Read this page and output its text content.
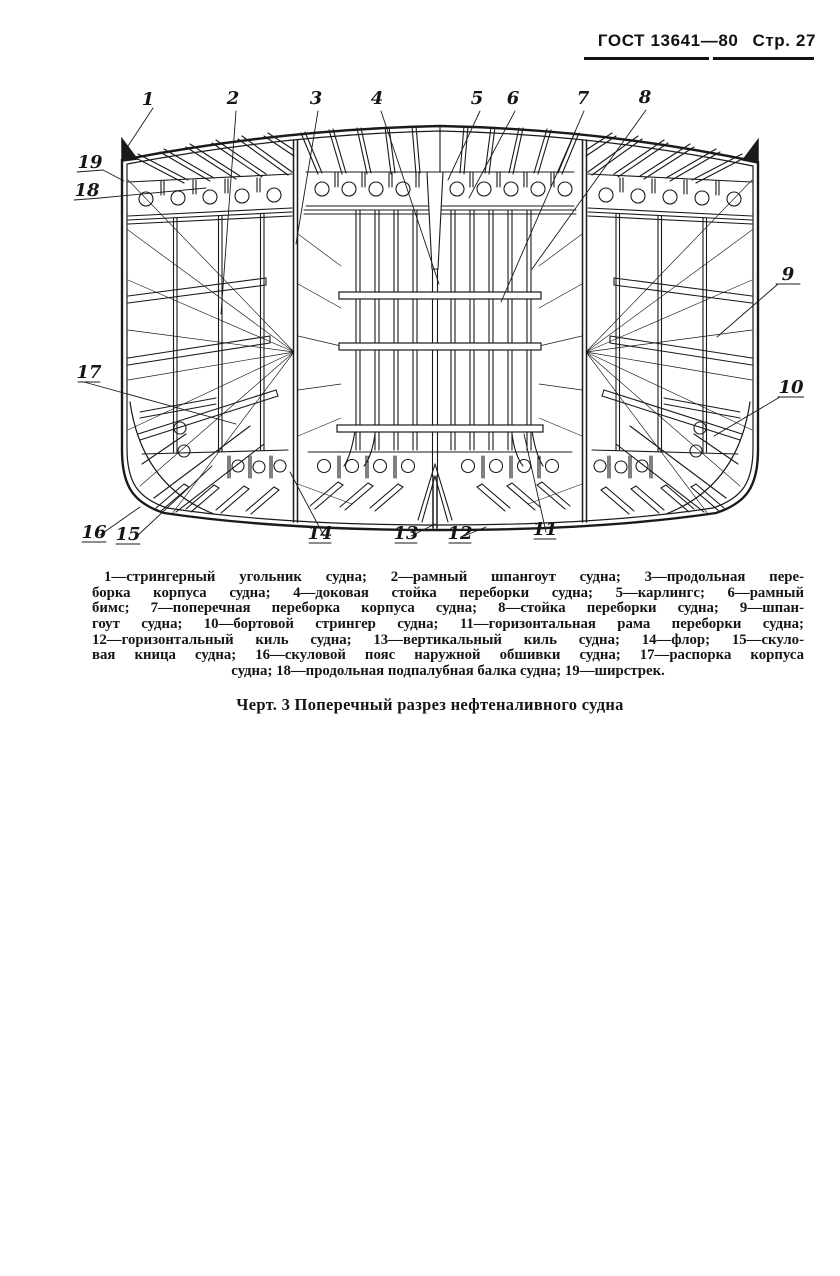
ГОСТ 13641—80 Стр. 27
1	2	3	4	5 6	7	8
9
10
11
12
13
14
15
16
17
18
19
1—стрингерный угольник судна; 2—рамный шпангоут судна; 3—продольная пере-
борка корпуса судна; 4—доковая стойка переборки судна; 5—карлингс; 6—рамный
бимс; 7—поперечная переборка корпуса судна; 8—стойка переборки судна; 9—шпан-
гоут судна; 10—бортовой стрингер судна; 11—горизонтальная рама переборки судна;
12—горизонтальный киль судна; 13—вертикальный киль судна; 14—флор; 15—скуло-
вая кница судна; 16—скуловой пояс наружной обшивки судна; 17—распорка корпуса
судна; 18—продольная подпалубная балка судна; 19—ширстрек.
Черт. 3 Поперечный разрез нефтеналивного судна
